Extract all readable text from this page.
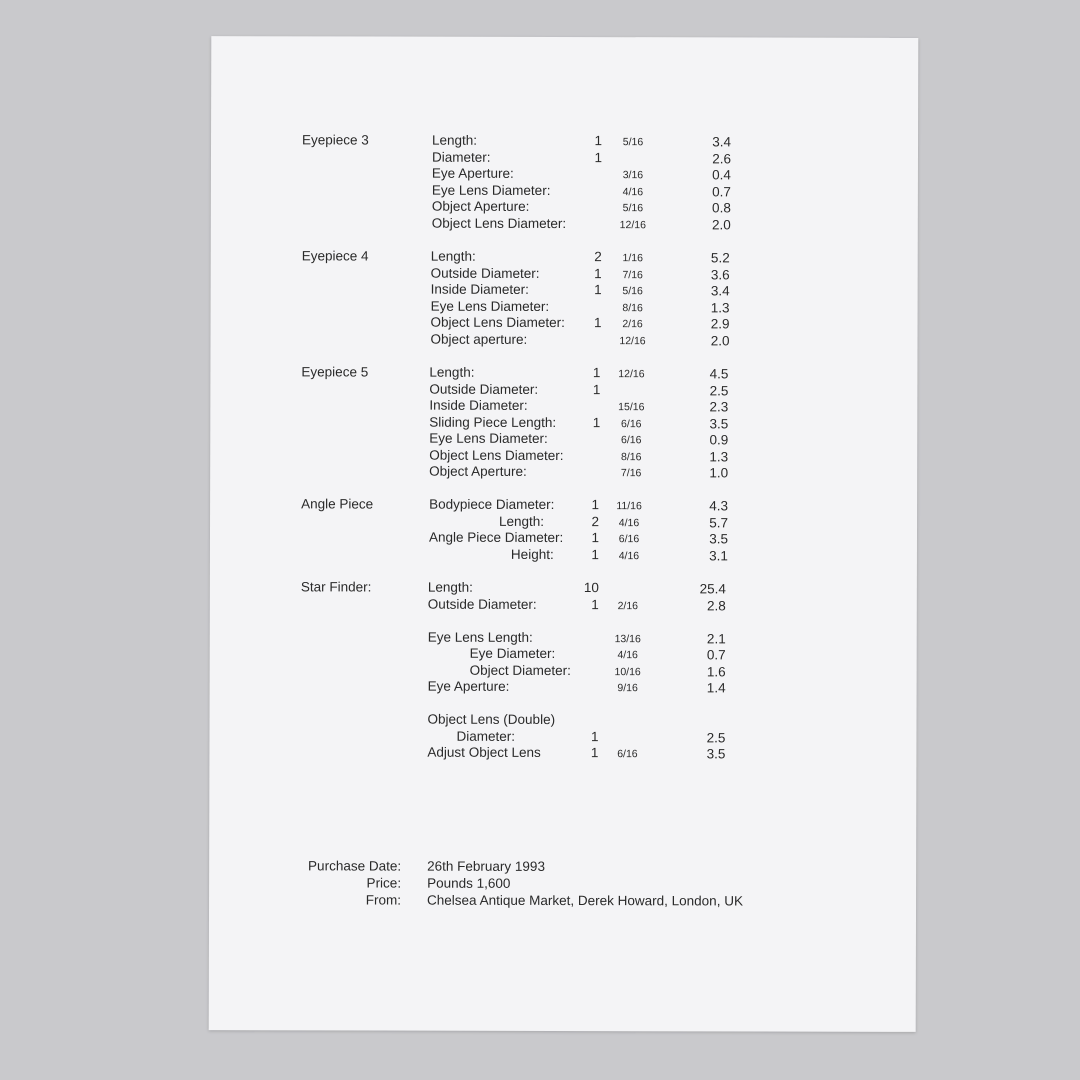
Eyepiece 3	Length:	1	5/16	3.4
Diameter:	1	2.6
Eye Aperture:	3/16	0.4
Eye Lens Diameter:	4/16	0.7
Object Aperture:	5/16	0.8
Object Lens Diameter:	12/16	2.0
Eyepiece 4	Length:	2	1/16	5.2
Outside Diameter:	1	7/16	3.6
Inside Diameter:	1	5/16	3.4
Eye Lens Diameter:	8/16	1.3
Object Lens Diameter:	1	2/16	2.9
Object aperture:	12/16	2.0
Eyepiece 5	Length:	1	12/16	4.5
Outside Diameter:	1	2.5
Inside Diameter:	15/16	2.3
Sliding Piece Length:	1	6/16	3.5
Eye Lens Diameter:	6/16	0.9
Object Lens Diameter:	8/16	1.3
Object Aperture:	7/16	1.0
Angle Piece	Bodypiece Diameter:	1	11/16	4.3
Length:	2	4/16	5.7
Angle Piece Diameter:	1	6/16	3.5
Height:	1	4/16	3.1
Star Finder:	Length:	10	25.4
Outside Diameter:	1	2/16	2.8
Eye Lens Length:	13/16	2.1
Eye Diameter:	4/16	0.7
Object Diameter:	10/16	1.6
Eye Aperture:	9/16	1.4
Object Lens (Double)
Diameter:	1	2.5
Adjust Object Lens	1	6/16	3.5
Purchase Date: 26th February 1993
Price: Pounds 1,600
From: Chelsea Antique Market, Derek Howard, London, UK
